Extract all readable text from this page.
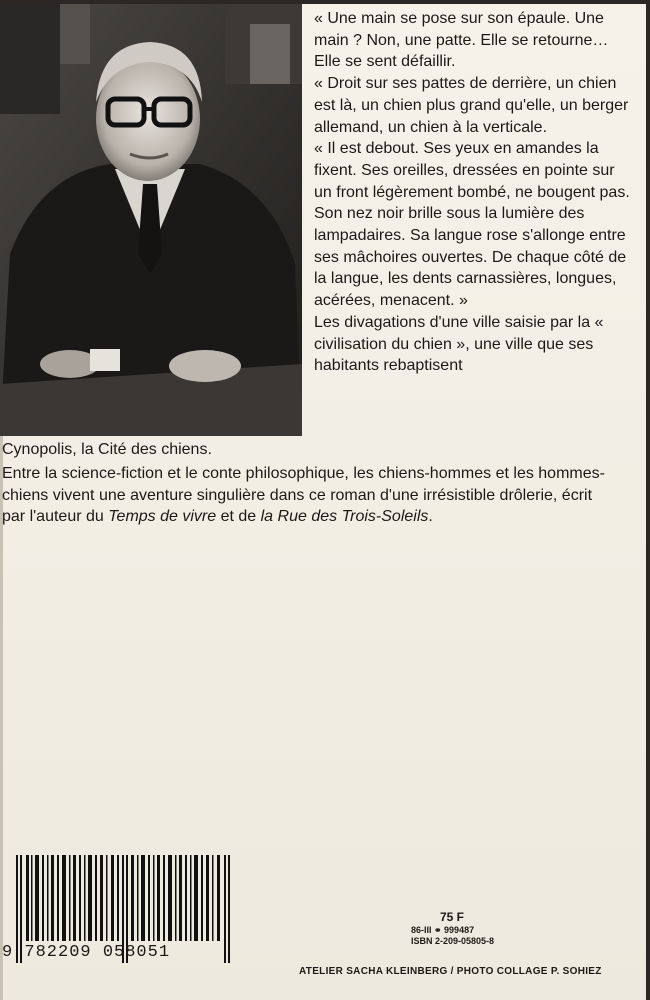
« Une main se pose sur son épaule. Une main ? Non, une patte. Elle se retourne… Elle se sent défaillir.

« Droit sur ses pattes de derrière, un chien est là, un chien plus grand qu'elle, un berger allemand, un chien à la verticale.

« Il est debout. Ses yeux en amandes la fixent. Ses oreilles, dressées en pointe sur un front légèrement bombé, ne bougent pas. Son nez noir brille sous la lumière des lampadaires. Sa langue rose s'allonge entre ses mâchoires ouvertes. De chaque côté de la langue, les dents carnassières, longues, acérées, menacent. »

Les divagations d'une ville saisie par la « civilisation du chien », une ville que ses habitants rebaptisent

Cynopolis, la Cité des chiens.

Entre la science-fiction et le conte philosophique, les chiens-hommes et les hommes-chiens vivent une aventure singulière dans ce roman d'une irrésistible drôlerie, écrit par l'auteur du Temps de vivre et de la Rue des Trois-Soleils.

9 782209 058051
75 F
86-III ⚭ 999487
ISBN 2-209-05805-8
ATELIER SACHA KLEINBERG / PHOTO COLLAGE P. SOHIEZ
